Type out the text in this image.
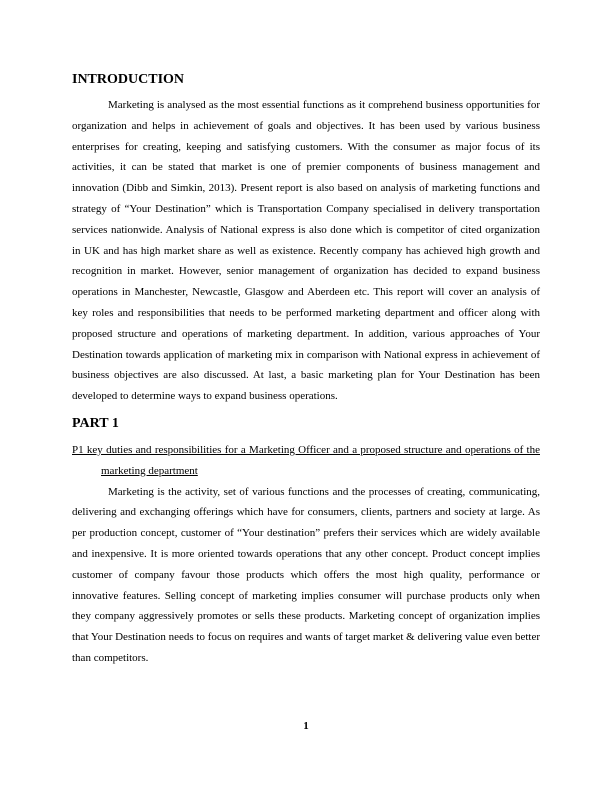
INTRODUCTION

Marketing is analysed as the most essential functions as it comprehend business opportunities for organization and helps in achievement of goals and objectives. It has been used by various business enterprises for creating, keeping and satisfying customers. With the consumer as major focus of its activities, it can be stated that market is one of premier components of business management and innovation (Dibb and Simkin, 2013). Present report is also based on analysis of marketing functions and strategy of “Your Destination” which is Transportation Company specialised in delivery transportation services nationwide. Analysis of National express is also done which is competitor of cited organization in UK and has high market share as well as existence. Recently company has achieved high growth and recognition in market. However, senior management of organization has decided to expand business operations in Manchester, Newcastle, Glasgow and Aberdeen etc. This report will cover an analysis of key roles and responsibilities that needs to be performed marketing department and officer along with proposed structure and operations of marketing department. In addition, various approaches of Your Destination towards application of marketing mix in comparison with National express in achievement of business objectives are also discussed. At last, a basic marketing plan for Your Destination has been developed to determine ways to expand business operations.

PART 1

P1 key duties and responsibilities for a Marketing Officer and a proposed structure and operations of the marketing department

Marketing is the activity, set of various functions and the processes of creating, communicating, delivering and exchanging offerings which have for consumers, clients, partners and society at large. As per production concept, customer of “Your destination” prefers their services which are widely available and inexpensive. It is more oriented towards operations that any other concept. Product concept implies customer of company favour those products which offers the most high quality, performance or innovative features. Selling concept of marketing implies consumer will purchase products only when they company aggressively promotes or sells these products. Marketing concept of organization implies that Your Destination needs to focus on requires and wants of target market & delivering value even better than competitors.

1
